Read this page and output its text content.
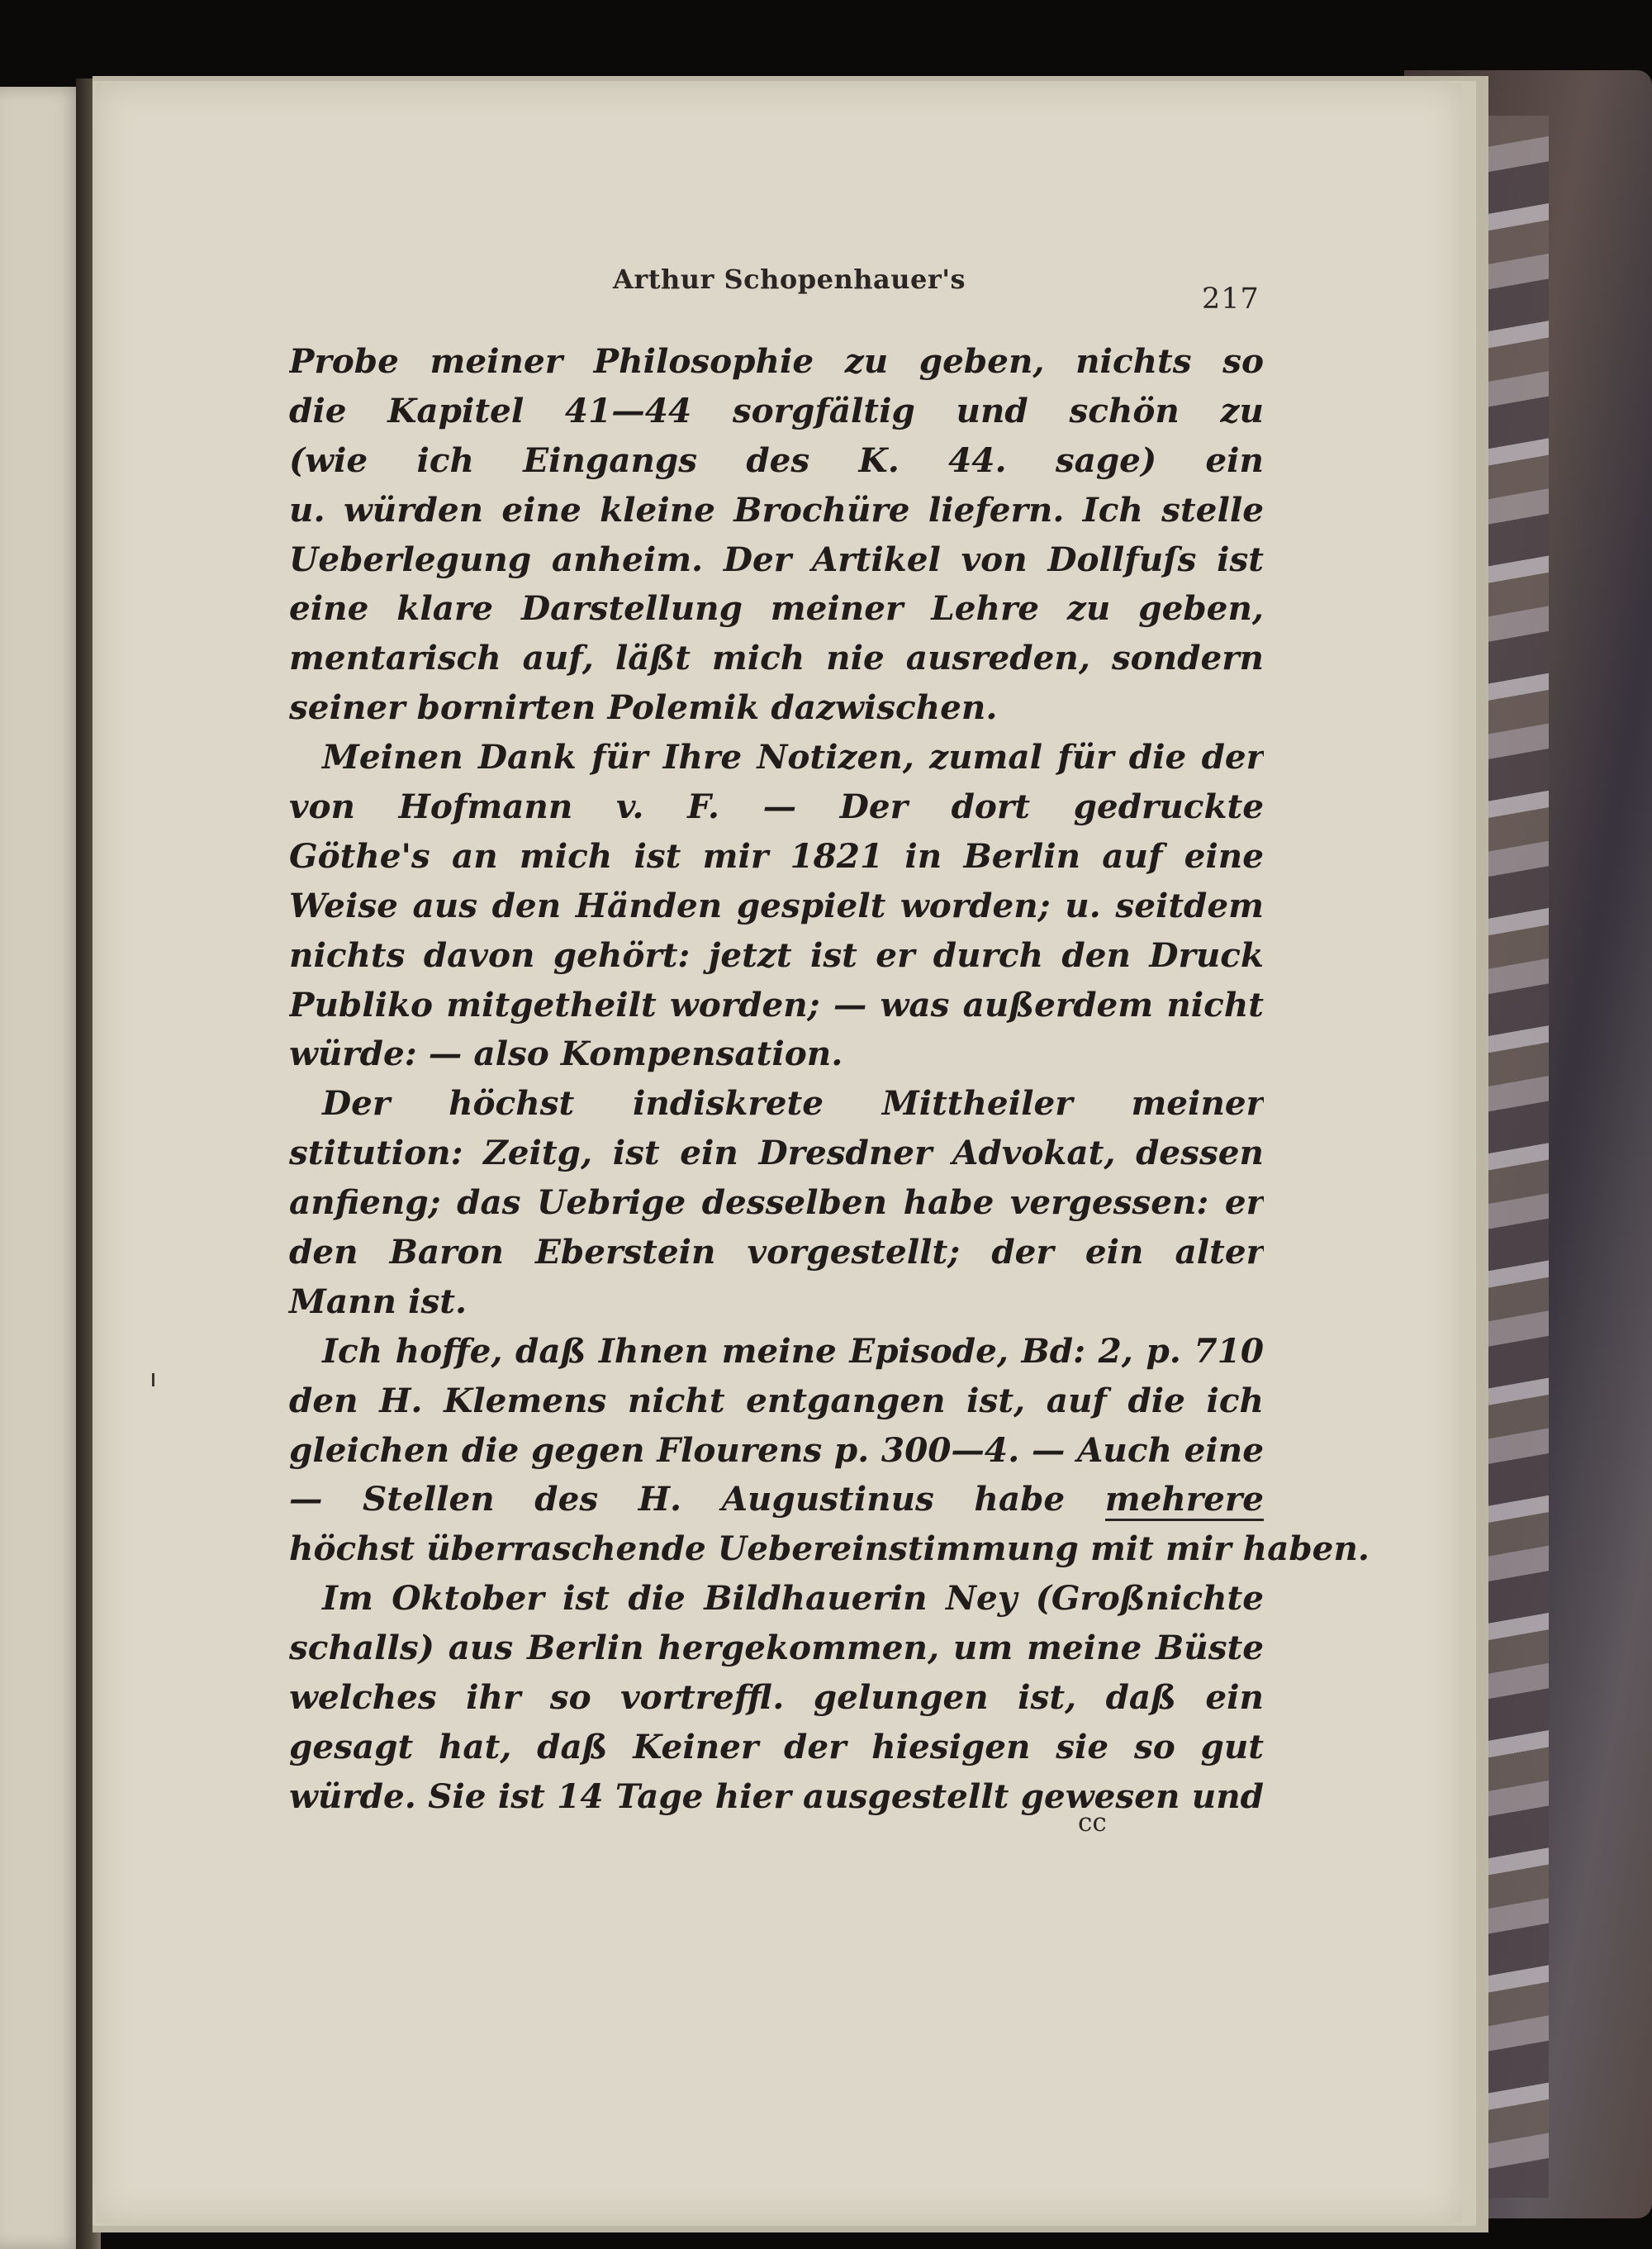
Arthur Schopenhauer's
217
Probe meiner Philosophie zu geben, nichts so
die Kapitel 41—44 sorgfältig und schön zu
(wie ich Eingangs des K. 44. sage) ein
u. würden eine kleine Brochüre liefern. Ich stelle
Ueberlegung anheim. Der Artikel von Dollfuſs ist
eine klare Darstellung meiner Lehre zu geben,
mentarisch auf, läßt mich nie ausreden, sondern
seiner bornirten Polemik dazwischen.
Meinen Dank für Ihre Notizen, zumal für die der
von Hofmann v. F. — Der dort gedruckte
Göthe's an mich ist mir 1821 in Berlin auf eine
Weise aus den Händen gespielt worden; u. seitdem
nichts davon gehört: jetzt ist er durch den Druck
Publiko mitgetheilt worden; — was außerdem nicht
würde: — also Kompensation.
Der höchst indiskrete Mittheiler meiner
stitution: Zeitg, ist ein Dresdner Advokat, dessen
anfieng; das Uebrige desselben habe vergessen: er
den Baron Eberstein vorgestellt; der ein alter
Mann ist.
Ich hoffe, daß Ihnen meine Episode, Bd: 2, p. 710
den H. Klemens nicht entgangen ist, auf die ich
gleichen die gegen Flourens p. 300—4. — Auch eine
— Stellen des H. Augustinus habe mehrere
höchst überraschende Uebereinstimmung mit mir haben.
Im Oktober ist die Bildhauerin Ney (Großnichte
schalls) aus Berlin hergekommen, um meine Büste
welches ihr so vortreffl. gelungen ist, daß ein
gesagt hat, daß Keiner der hiesigen sie so gut
würde. Sie ist 14 Tage hier ausgestellt gewesen und
cc
